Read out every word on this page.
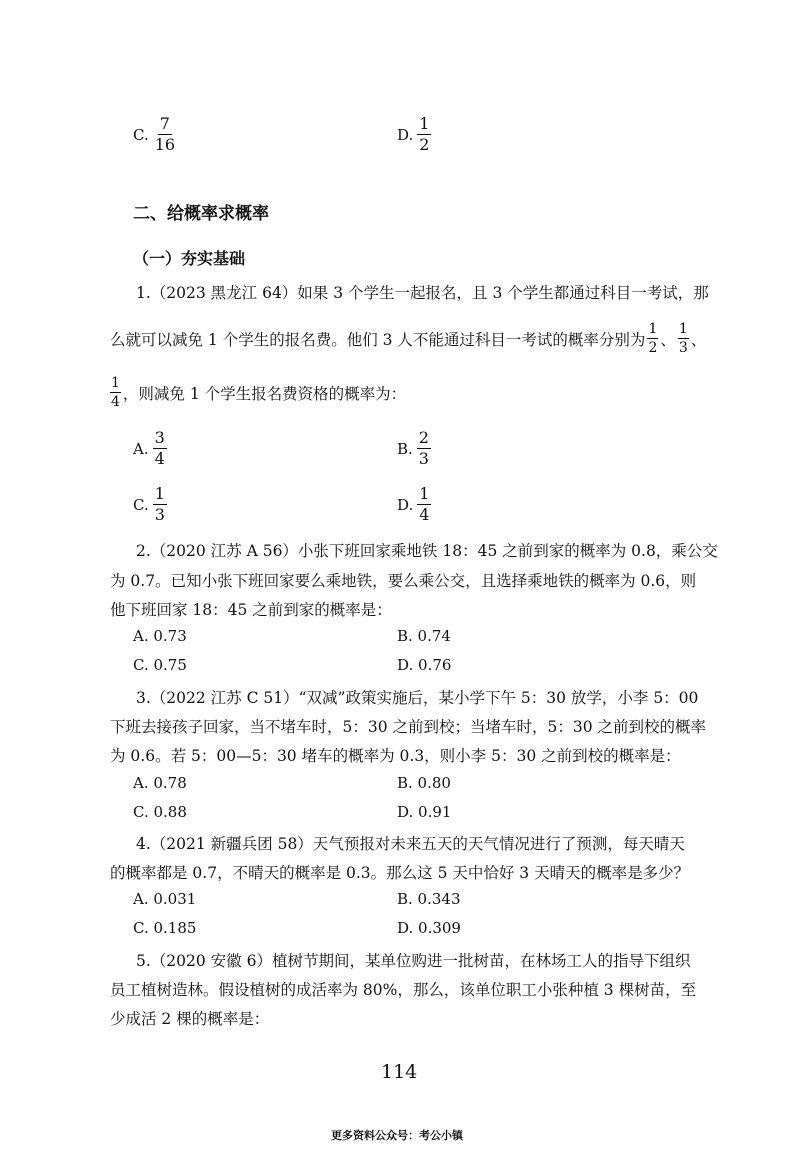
C. $\frac{7}{16}$	D. $\frac{1}{2}$
二、给概率求概率
（一）夯实基础
1.（2023 黑龙江 64）如果 3 个学生一起报名，且 3 个学生都通过科目一考试，那
么就可以减免 1 个学生的报名费。他们 3 人不能通过科目一考试的概率分别为 $\frac{1}{2}$ 、 $\frac{1}{3}$ 、
$\frac{1}{4}$ ，则减免 1 个学生报名费资格的概率为：
A. $\frac{3}{4}$	B. $\frac{2}{3}$
C. $\frac{1}{3}$	D. $\frac{1}{4}$
2.（2020 江苏 A 56）小张下班回家乘地铁 18：45 之前到家的概率为 0.8，乘公交
为 0.7。已知小张下班回家要么乘地铁，要么乘公交，且选择乘地铁的概率为 0.6，则
他下班回家 18：45 之前到家的概率是：
A. 0.73	B. 0.74
C. 0.75	D. 0.76
3.（2022 江苏 C 51）“双减”政策实施后，某小学下午 5：30 放学，小李 5：00
下班去接孩子回家，当不堵车时，5：30 之前到校；当堵车时，5：30 之前到校的概率
为 0.6。若 5：00—5：30 堵车的概率为 0.3，则小李 5：30 之前到校的概率是：
A. 0.78	B. 0.80
C. 0.88	D. 0.91
4.（2021 新疆兵团 58）天气预报对未来五天的天气情况进行了预测，每天晴天
的概率都是 0.7，不晴天的概率是 0.3。那么这 5 天中恰好 3 天晴天的概率是多少？
A. 0.031	B. 0.343
C. 0.185	D. 0.309
5.（2020 安徽 6）植树节期间，某单位购进一批树苗，在林场工人的指导下组织
员工植树造林。假设植树的成活率为 80%，那么，该单位职工小张种植 3 棵树苗，至
少成活 2 棵的概率是：
114
更多资料公众号：考公小镇
